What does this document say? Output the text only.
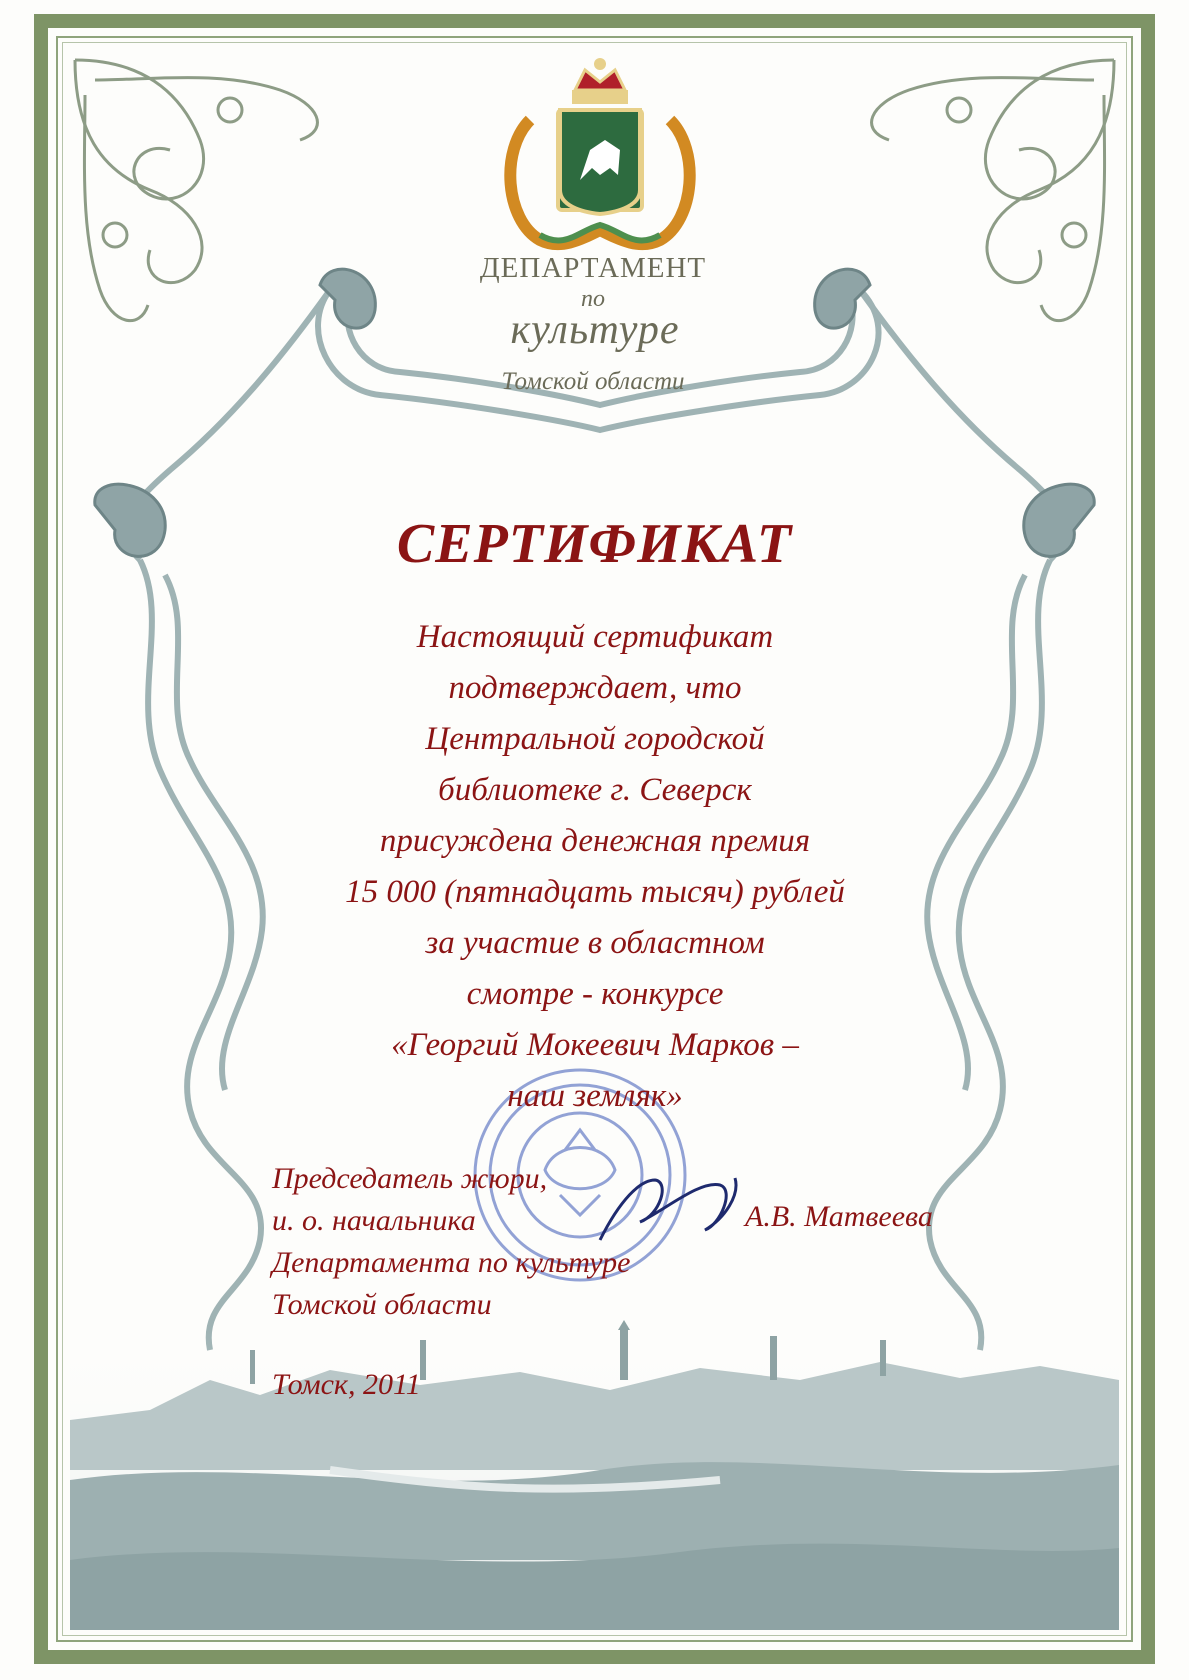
ДЕПАРТАМЕНТ
по
культуре
Томской области
СЕРТИФИКАТ
Настоящий сертификат
подтверждает, что
Центральной городской
библиотеке г. Северск
присуждена денежная премия
15 000 (пятнадцать тысяч) рублей
за участие в областном
смотре - конкурсе
«Георгий Мокеевич Марков –
наш земляк»
Председатель жюри,
и. о. начальника
Департамента по культуре
Томской области
А.В. Матвеева
Томск, 2011
